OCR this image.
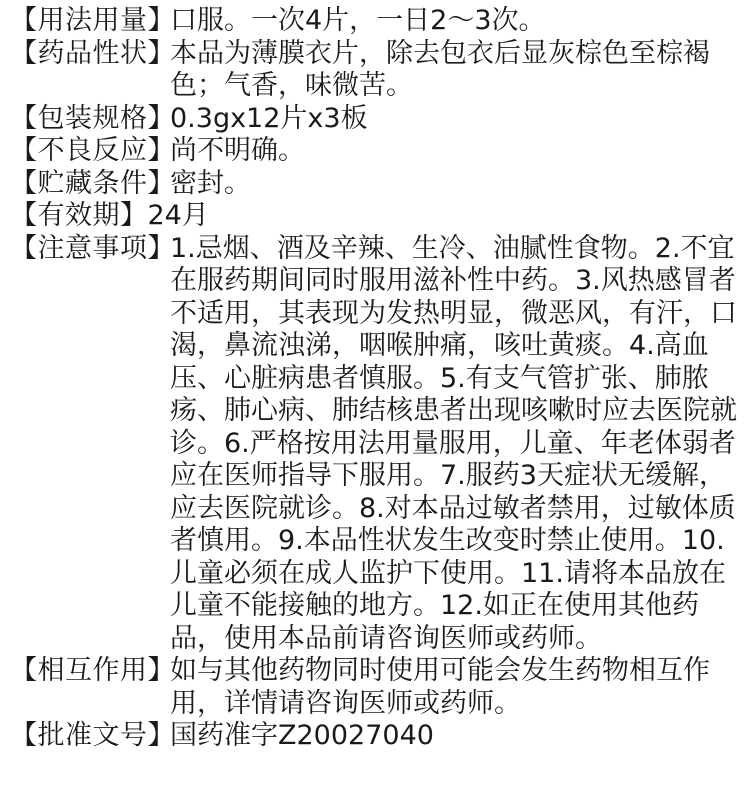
【用法用量】
口服。一次4片，一日2～3次。
【药品性状】
本品为薄膜衣片，除去包衣后显灰棕色至棕褐色；气香，味微苦。
【包装规格】
0.3gx12片x3板
【不良反应】
尚不明确。
【贮藏条件】
密封。
【有效期】 24月
【注意事项】
1.忌烟、酒及辛辣、生冷、油腻性食物。2.不宜在服药期间同时服用滋补性中药。3.风热感冒者不适用，其表现为发热明显，微恶风，有汗，口渴，鼻流浊涕，咽喉肿痛，咳吐黄痰。4.高血压、心脏病患者慎服。5.有支气管扩张、肺脓疡、肺心病、肺结核患者出现咳嗽时应去医院就诊。6.严格按用法用量服用，儿童、年老体弱者应在医师指导下服用。7.服药3天症状无缓解，应去医院就诊。8.对本品过敏者禁用，过敏体质者慎用。9.本品性状发生改变时禁止使用。10.儿童必须在成人监护下使用。11.请将本品放在儿童不能接触的地方。12.如正在使用其他药品，使用本品前请咨询医师或药师。
【相互作用】
如与其他药物同时使用可能会发生药物相互作用，详情请咨询医师或药师。
【批准文号】
国药准字Z20027040
